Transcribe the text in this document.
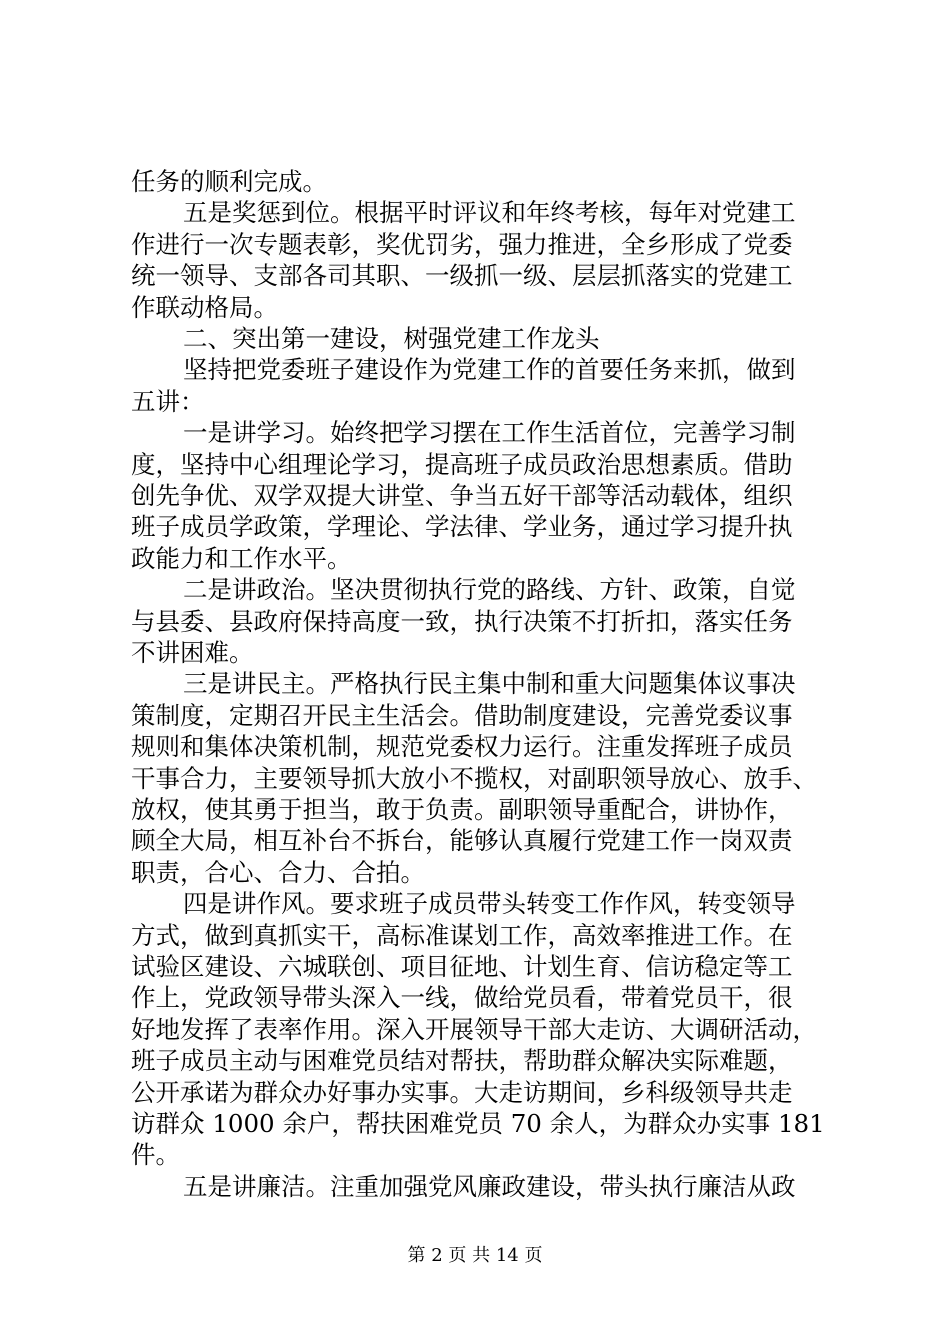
任务的顺利完成。
五是奖惩到位。根据平时评议和年终考核，每年对党建工
作进行一次专题表彰，奖优罚劣，强力推进，全乡形成了党委
统一领导、支部各司其职、一级抓一级、层层抓落实的党建工
作联动格局。
二、突出第一建设，树强党建工作龙头
坚持把党委班子建设作为党建工作的首要任务来抓，做到
五讲：
一是讲学习。始终把学习摆在工作生活首位，完善学习制
度，坚持中心组理论学习，提高班子成员政治思想素质。借助
创先争优、双学双提大讲堂、争当五好干部等活动载体，组织
班子成员学政策，学理论、学法律、学业务，通过学习提升执
政能力和工作水平。
二是讲政治。坚决贯彻执行党的路线、方针、政策，自觉
与县委、县政府保持高度一致，执行决策不打折扣，落实任务
不讲困难。
三是讲民主。严格执行民主集中制和重大问题集体议事决
策制度，定期召开民主生活会。借助制度建设，完善党委议事
规则和集体决策机制，规范党委权力运行。注重发挥班子成员
干事合力，主要领导抓大放小不揽权，对副职领导放心、放手、
放权，使其勇于担当，敢于负责。副职领导重配合，讲协作，
顾全大局，相互补台不拆台，能够认真履行党建工作一岗双责
职责，合心、合力、合拍。
四是讲作风。要求班子成员带头转变工作作风，转变领导
方式，做到真抓实干，高标准谋划工作，高效率推进工作。在
试验区建设、六城联创、项目征地、计划生育、信访稳定等工
作上，党政领导带头深入一线，做给党员看，带着党员干，很
好地发挥了表率作用。深入开展领导干部大走访、大调研活动，
班子成员主动与困难党员结对帮扶，帮助群众解决实际难题，
公开承诺为群众办好事办实事。大走访期间，乡科级领导共走
访群众 1000 余户，帮扶困难党员 70 余人，为群众办实事 181
件。
五是讲廉洁。注重加强党风廉政建设，带头执行廉洁从政
第 2 页 共 14 页
